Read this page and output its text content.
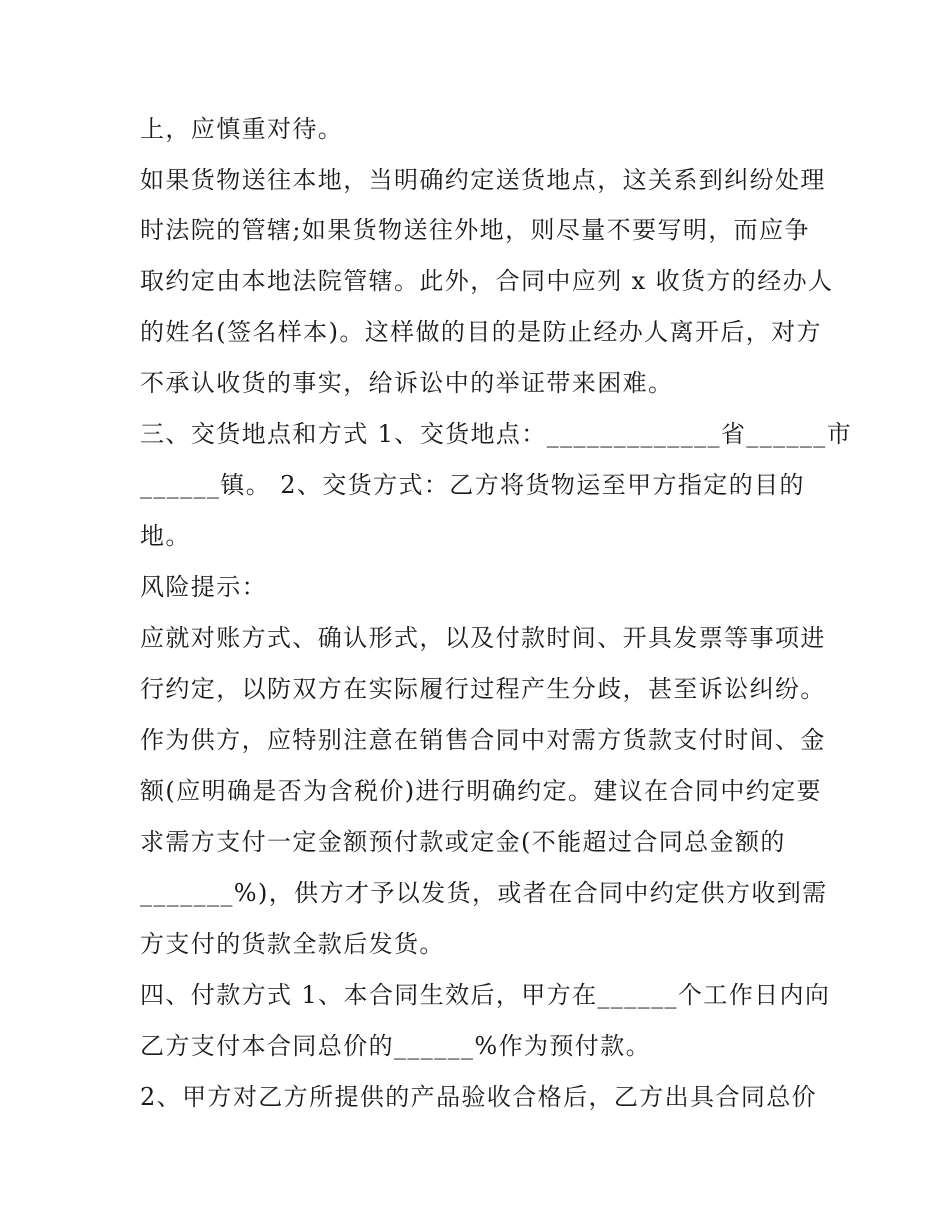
上，应慎重对待。
如果货物送往本地，当明确约定送货地点，这关系到纠纷处理
时法院的管辖;如果货物送往外地，则尽量不要写明，而应争
取约定由本地法院管辖。此外，合同中应列 x 收货方的经办人
的姓名(签名样本)。这样做的目的是防止经办人离开后，对方
不承认收货的事实，给诉讼中的举证带来困难。
三、交货地点和方式 1、交货地点：_____________省______市
______镇。 2、交货方式：乙方将货物运至甲方指定的目的
地。
风险提示：
应就对账方式、确认形式，以及付款时间、开具发票等事项进
行约定，以防双方在实际履行过程产生分歧，甚至诉讼纠纷。
作为供方，应特别注意在销售合同中对需方货款支付时间、金
额(应明确是否为含税价)进行明确约定。建议在合同中约定要
求需方支付一定金额预付款或定金(不能超过合同总金额的
_______%)，供方才予以发货，或者在合同中约定供方收到需
方支付的货款全款后发货。
四、付款方式 1、本合同生效后，甲方在______个工作日内向
乙方支付本合同总价的______%作为预付款。
2、甲方对乙方所提供的产品验收合格后，乙方出具合同总价
